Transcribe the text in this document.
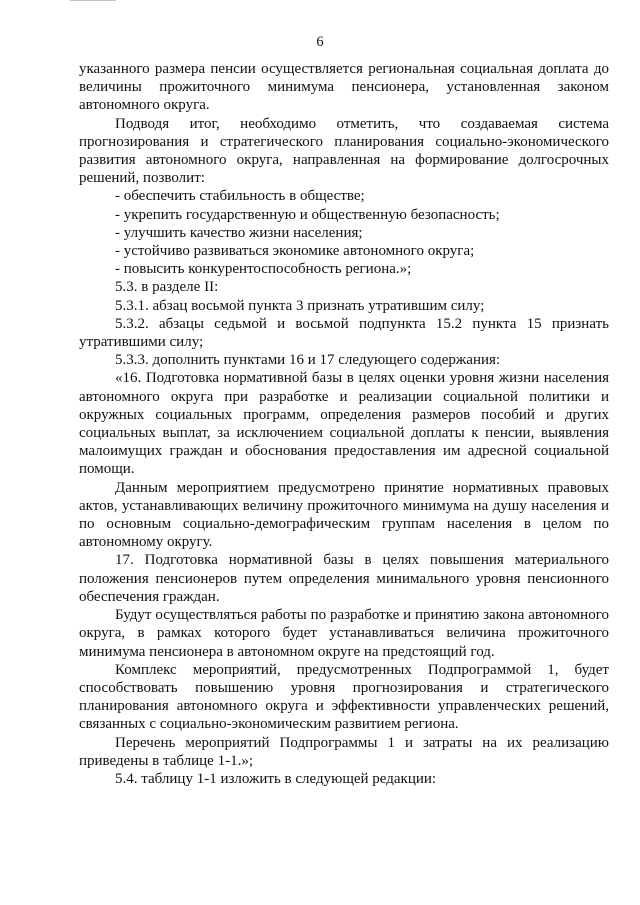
6

указанного размера пенсии осуществляется региональная социальная доплата до величины прожиточного минимума пенсионера, установленная законом автономного округа.

Подводя итог, необходимо отметить, что создаваемая система прогнозирования и стратегического планирования социально-экономического развития автономного округа, направленная на формирование долгосрочных решений, позволит:

- обеспечить стабильность в обществе;

- укрепить государственную и общественную безопасность;

- улучшить качество жизни населения;

- устойчиво развиваться экономике автономного округа;

- повысить конкурентоспособность региона.»;

5.3. в разделе II:

5.3.1. абзац восьмой пункта 3 признать утратившим силу;

5.3.2. абзацы седьмой и восьмой подпункта 15.2 пункта 15 признать утратившими силу;

5.3.3. дополнить пунктами 16 и 17 следующего содержания:

«16. Подготовка нормативной базы в целях оценки уровня жизни населения автономного округа при разработке и реализации социальной политики и окружных социальных программ, определения размеров пособий и других социальных выплат, за исключением социальной доплаты к пенсии, выявления малоимущих граждан и обоснования предоставления им адресной социальной помощи.

Данным мероприятием предусмотрено принятие нормативных правовых актов, устанавливающих величину прожиточного минимума на душу населения и по основным социально-демографическим группам населения в целом по автономному округу.

17. Подготовка нормативной базы в целях повышения материального положения пенсионеров путем определения минимального уровня пенсионного обеспечения граждан.

Будут осуществляться работы по разработке и принятию закона автономного округа, в рамках которого будет устанавливаться величина прожиточного минимума пенсионера в автономном округе на предстоящий год.

Комплекс мероприятий, предусмотренных Подпрограммой 1, будет способствовать повышению уровня прогнозирования и стратегического планирования автономного округа и эффективности управленческих решений, связанных с социально-экономическим развитием региона.

Перечень мероприятий Подпрограммы 1 и затраты на их реализацию приведены в таблице 1-1.»;

5.4. таблицу 1-1 изложить в следующей редакции:
